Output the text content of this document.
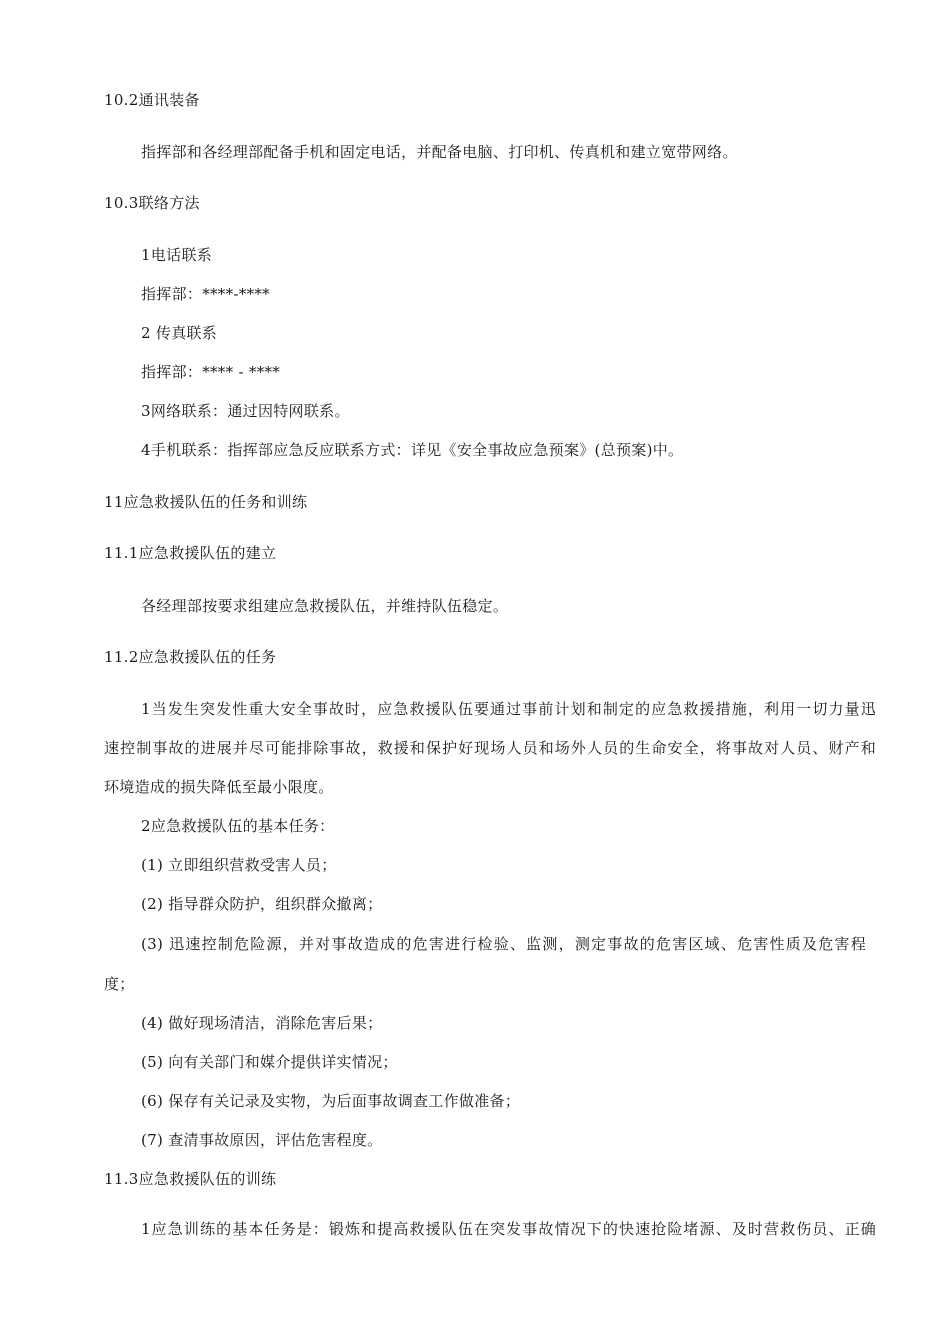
10.2通讯装备
指挥部和各经理部配备手机和固定电话，并配备电脑、打印机、传真机和建立宽带网络。
10.3联络方法
1电话联系
指挥部：****-****
2 传真联系
指挥部：**** - ****
3网络联系：通过因特网联系。
4手机联系：指挥部应急反应联系方式：详见《安全事故应急预案》(总预案)中。
11应急救援队伍的任务和训练
11.1应急救援队伍的建立
各经理部按要求组建应急救援队伍，并维持队伍稳定。
11.2应急救援队伍的任务
1当发生突发性重大安全事故时，应急救援队伍要通过事前计划和制定的应急救援措施，利用一切力量迅
速控制事故的进展并尽可能排除事故，救援和保护好现场人员和场外人员的生命安全，将事故对人员、财产和
环境造成的损失降低至最小限度。
2应急救援队伍的基本任务：
(1) 立即组织营救受害人员；
(2) 指导群众防护，组织群众撤离；
(3) 迅速控制危险源，并对事故造成的危害进行检验、监测，测定事故的危害区域、危害性质及危害程
度；
(4) 做好现场清洁，消除危害后果；
(5) 向有关部门和媒介提供详实情况；
(6) 保存有关记录及实物，为后面事故调查工作做准备；
(7) 查清事故原因，评估危害程度。
11.3应急救援队伍的训练
1应急训练的基本任务是：锻炼和提高救援队伍在突发事故情况下的快速抢险堵源、及时营救伤员、正确
